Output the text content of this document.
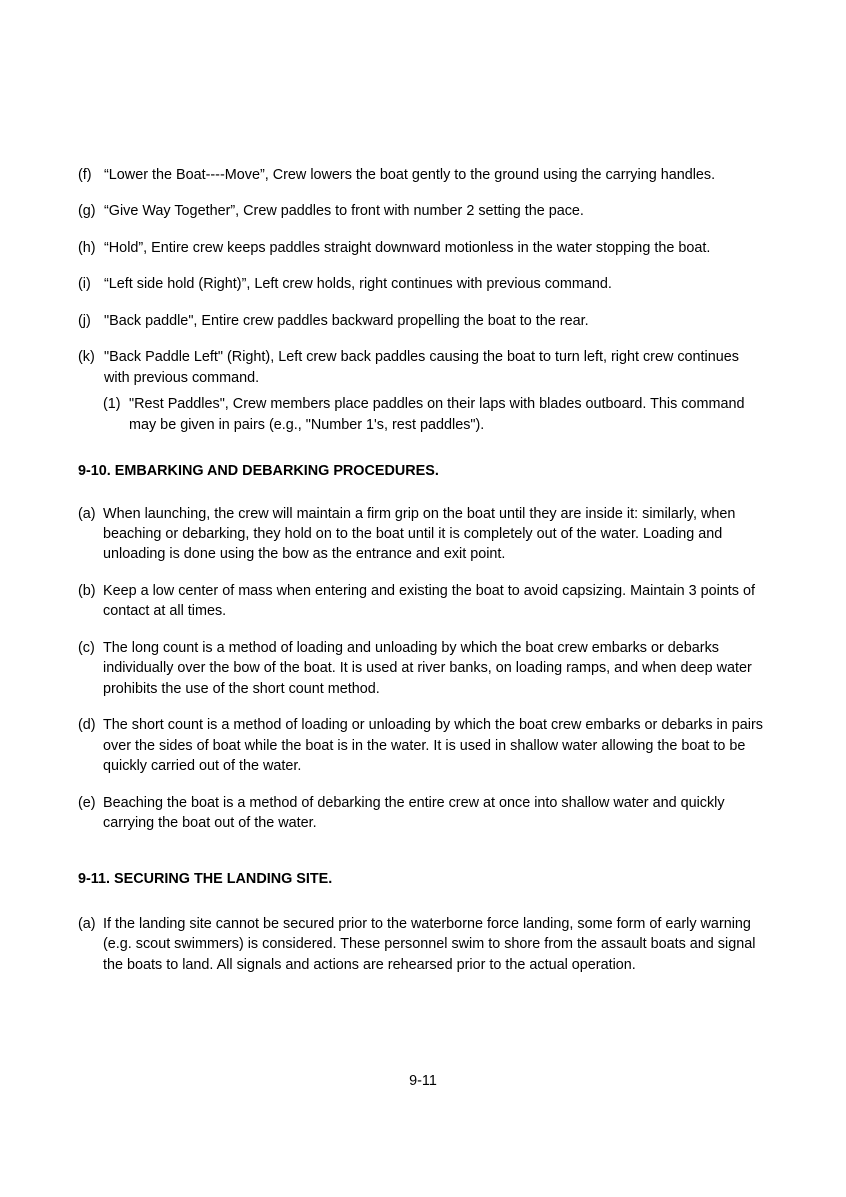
(f) “Lower the Boat----Move”, Crew lowers the boat gently to the ground using the carrying handles.
(g) “Give Way Together”, Crew paddles to front with number 2 setting the pace.
(h) “Hold”, Entire crew keeps paddles straight downward motionless in the water stopping the boat.
(i) “Left side hold (Right)”, Left crew holds, right continues with previous command.
(j) "Back paddle", Entire crew paddles backward propelling the boat to the rear.
(k) "Back Paddle Left" (Right), Left crew back paddles causing the boat to turn left, right crew continues with previous command.
(1) "Rest Paddles", Crew members place paddles on their laps with blades outboard. This command may be given in pairs (e.g., "Number 1's, rest paddles").
9-10. EMBARKING AND DEBARKING PROCEDURES.
(a) When launching, the crew will maintain a firm grip on the boat until they are inside it: similarly, when beaching or debarking, they hold on to the boat until it is completely out of the water. Loading and unloading is done using the bow as the entrance and exit point.
(b) Keep a low center of mass when entering and existing the boat to avoid capsizing. Maintain 3 points of contact at all times.
(c) The long count is a method of loading and unloading by which the boat crew embarks or debarks individually over the bow of the boat. It is used at river banks, on loading ramps, and when deep water prohibits the use of the short count method.
(d) The short count is a method of loading or unloading by which the boat crew embarks or debarks in pairs over the sides of boat while the boat is in the water. It is used in shallow water allowing the boat to be quickly carried out of the water.
(e) Beaching the boat is a method of debarking the entire crew at once into shallow water and quickly carrying the boat out of the water.
9-11. SECURING THE LANDING SITE.
(a) If the landing site cannot be secured prior to the waterborne force landing, some form of early warning (e.g. scout swimmers) is considered. These personnel swim to shore from the assault boats and signal the boats to land. All signals and actions are rehearsed prior to the actual operation.
9-11
